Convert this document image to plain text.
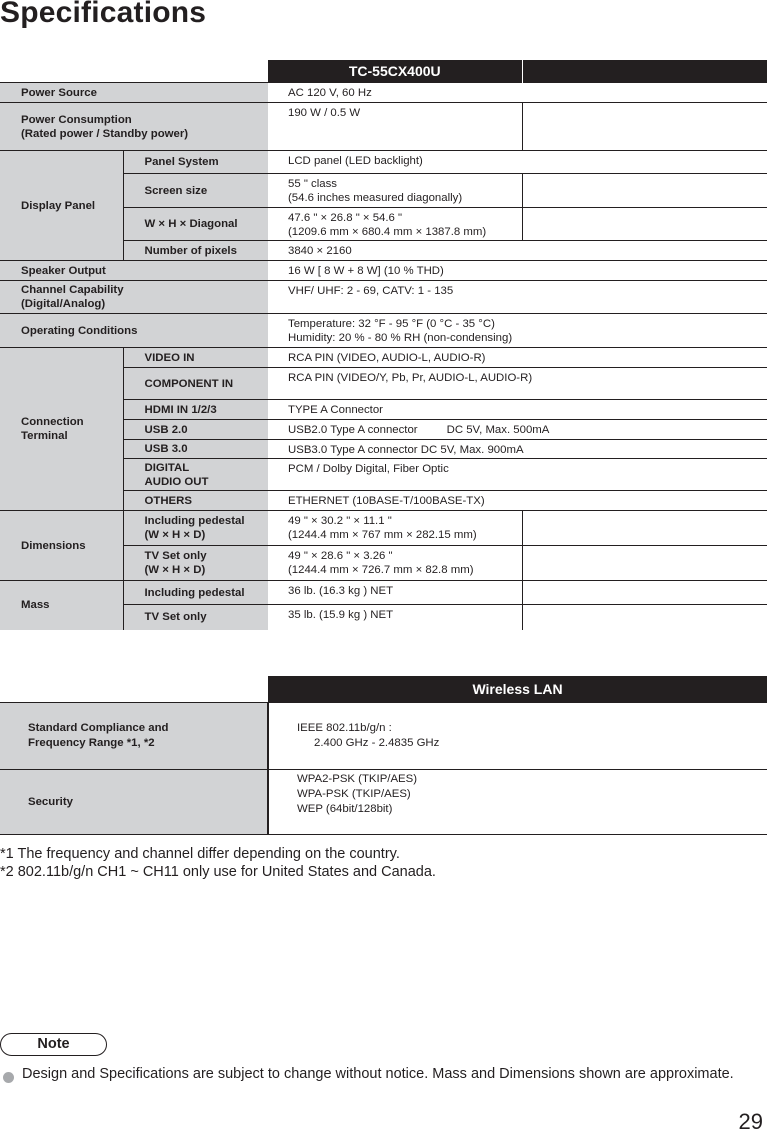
Specifications
		TC-55CX400U	
Power Source		AC 120 V, 60 Hz	
Power Consumption
(Rated power / Standby power)		190 W / 0.5 W	
Display Panel	Panel System	LCD panel (LED backlight)	
	Screen size	55 " class
(54.6 inches measured diagonally)	
	W × H × Diagonal	47.6 " × 26.8 " × 54.6 "
(1209.6 mm × 680.4 mm × 1387.8 mm)	
	Number of pixels	3840 × 2160	
Speaker Output		16 W [ 8 W + 8 W] (10 % THD)	
Channel Capability
(Digital/Analog)		VHF/ UHF: 2 - 69, CATV: 1 - 135	
Operating Conditions		Temperature: 32 °F - 95 °F (0 °C - 35 °C)
Humidity: 20 % - 80 % RH (non-condensing)	
Connection
Terminal	VIDEO IN	RCA PIN (VIDEO, AUDIO-L, AUDIO-R)	
	COMPONENT IN	RCA PIN (VIDEO/Y, Pb, Pr, AUDIO-L, AUDIO-R)	
	HDMI IN 1/2/3	TYPE A Connector	
	USB 2.0	USB2.0 Type A connector DC 5V, Max. 500mA	
	USB 3.0	USB3.0 Type A connector DC 5V, Max. 900mA	
	DIGITAL
AUDIO OUT	PCM / Dolby Digital, Fiber Optic	
	OTHERS	ETHERNET (10BASE-T/100BASE-TX)	
Dimensions	Including pedestal
(W × H × D)	49 " × 30.2 " × 11.1 "
(1244.4 mm × 767 mm × 282.15 mm)	
	TV Set only
(W × H × D)	49 " × 28.6 " × 3.26 "
(1244.4 mm × 726.7 mm × 82.8 mm)	
Mass	Including pedestal	36 lb. (16.3 kg ) NET	
	TV Set only	35 lb. (15.9 kg ) NET	
	Wireless LAN
Standard Compliance and
Frequency Range *1, *2	IEEE 802.11b/g/n :
2.400 GHz - 2.4835 GHz
Security	WPA2-PSK (TKIP/AES)
WPA-PSK (TKIP/AES)
WEP (64bit/128bit)
*1 The frequency and channel differ depending on the country.
*2 802.11b/g/n CH1 ~ CH11 only use for United States and Canada.
Note
Design and Specifications are subject to change without notice. Mass and Dimensions shown are approximate.
29
